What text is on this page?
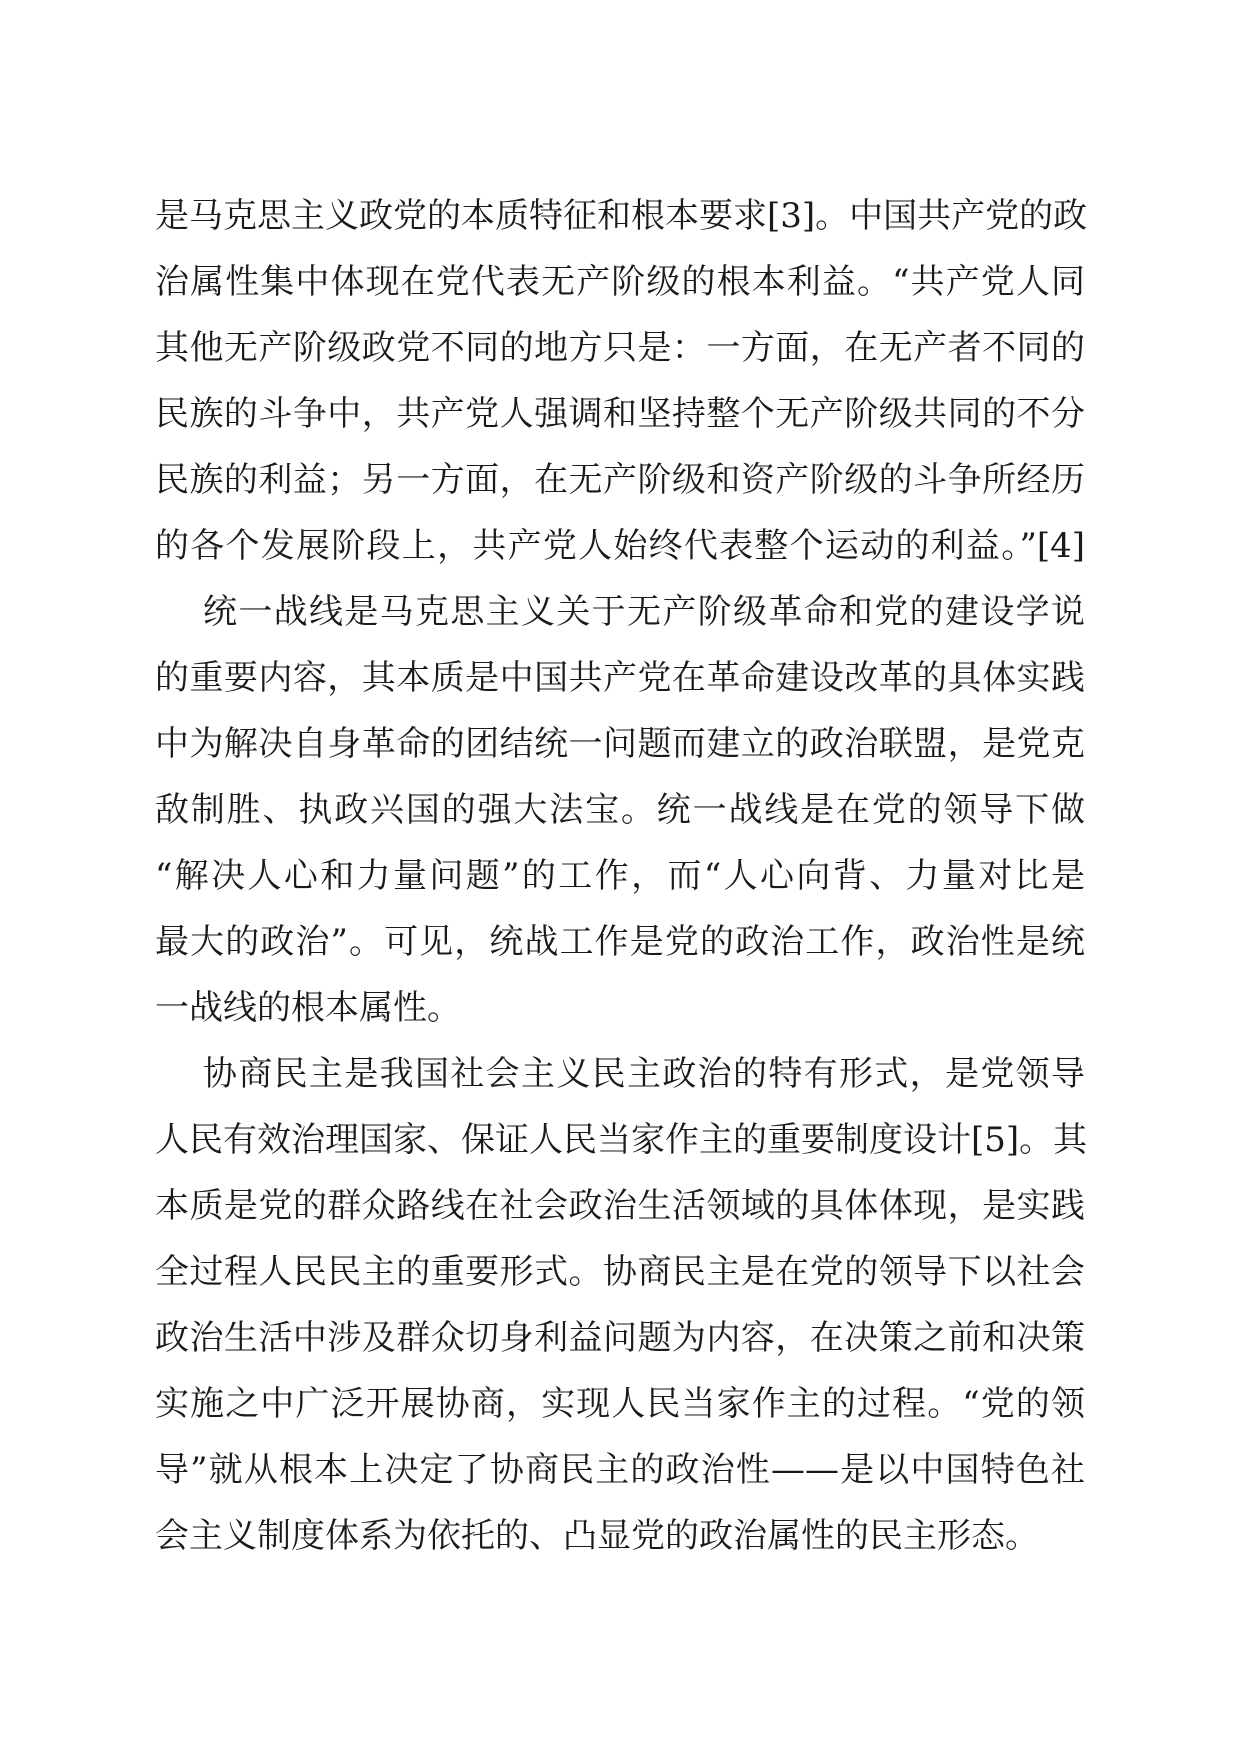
是马克思主义政党的本质特征和根本要求[3]。中国共产党的政
治属性集中体现在党代表无产阶级的根本利益。“共产党人同
其他无产阶级政党不同的地方只是：一方面，在无产者不同的
民族的斗争中，共产党人强调和坚持整个无产阶级共同的不分
民族的利益；另一方面，在无产阶级和资产阶级的斗争所经历
的各个发展阶段上，共产党人始终代表整个运动的利益。”[4]
统一战线是马克思主义关于无产阶级革命和党的建设学说
的重要内容，其本质是中国共产党在革命建设改革的具体实践
中为解决自身革命的团结统一问题而建立的政治联盟，是党克
敌制胜、执政兴国的强大法宝。统一战线是在党的领导下做
“解决人心和力量问题”的工作，而“人心向背、力量对比是
最大的政治”。可见，统战工作是党的政治工作，政治性是统
一战线的根本属性。
协商民主是我国社会主义民主政治的特有形式，是党领导
人民有效治理国家、保证人民当家作主的重要制度设计[5]。其
本质是党的群众路线在社会政治生活领域的具体体现，是实践
全过程人民民主的重要形式。协商民主是在党的领导下以社会
政治生活中涉及群众切身利益问题为内容，在决策之前和决策
实施之中广泛开展协商，实现人民当家作主的过程。“党的领
导”就从根本上决定了协商民主的政治性——是以中国特色社
会主义制度体系为依托的、凸显党的政治属性的民主形态。
